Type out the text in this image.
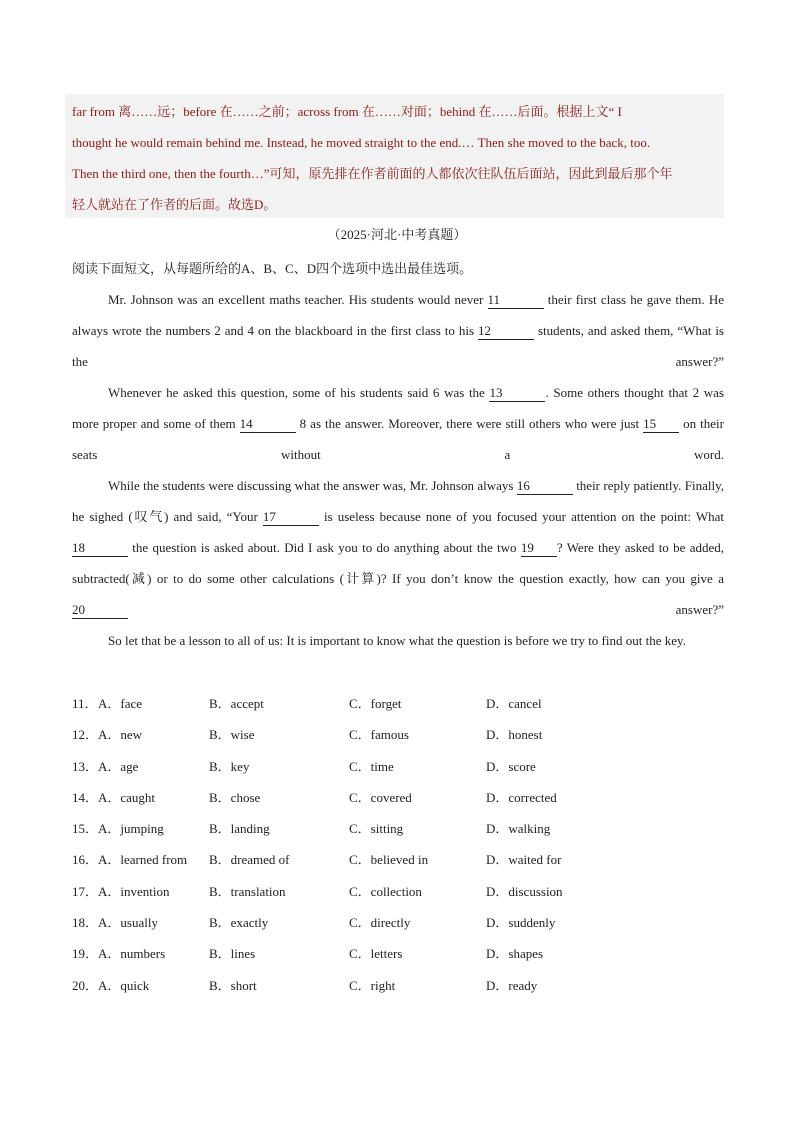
far from 离……远；before 在……之前；across from 在……对面；behind 在……后面。根据上文“ I
thought he would remain behind me. Instead, he moved straight to the end.… Then she moved to the back, too.
Then the third one, then the fourth…”可知，原先排在作者前面的人都依次往队伍后面站，因此到最后那个年
轻人就站在了作者的后面。故选D。
（2025·河北·中考真题）
阅读下面短文，从每题所给的A、B、C、D四个选项中选出最佳选项。
Mr. Johnson was an excellent maths teacher. His students would never 11	their first class he gave them. He always wrote the numbers 2 and 4 on the blackboard in the first class to his 12	students, and asked them, “What is the answer?”
Whenever he asked this question, some of his students said 6 was the 13	. Some others thought that 2 was more proper and some of them 14	8 as the answer. Moreover, there were still others who were just 15 on their seats without a word.
While the students were discussing what the answer was, Mr. Johnson always 16	their reply patiently. Finally, he sighed (叹气) and said, “Your 17	is useless because none of you focused your attention on the point: What 18	the question is asked about. Did I ask you to do anything about the two 19 ? Were they asked to be added, subtracted(减) or to do some other calculations (计算)? If you don’t know the question exactly, how can you give a 20	answer?”
So let that be a lesson to all of us: It is important to know what the question is before we try to find out the key.
11． A．face	B．accept	C．forget	D．cancel
12． A．new	B．wise	C．famous	D．honest
13． A．age	B．key	C．time	D．score
14． A．caught	B．chose	C．covered	D．corrected
15． A．jumping	B．landing	C．sitting	D．walking
16． A．learned from B．dreamed of	C．believed in	D．waited for
17． A．invention	B．translation	C．collection	D．discussion
18． A．usually	B．exactly	C．directly	D．suddenly
19． A．numbers	B．lines	C．letters	D．shapes
20． A．quick	B．short	C．right	D．ready
